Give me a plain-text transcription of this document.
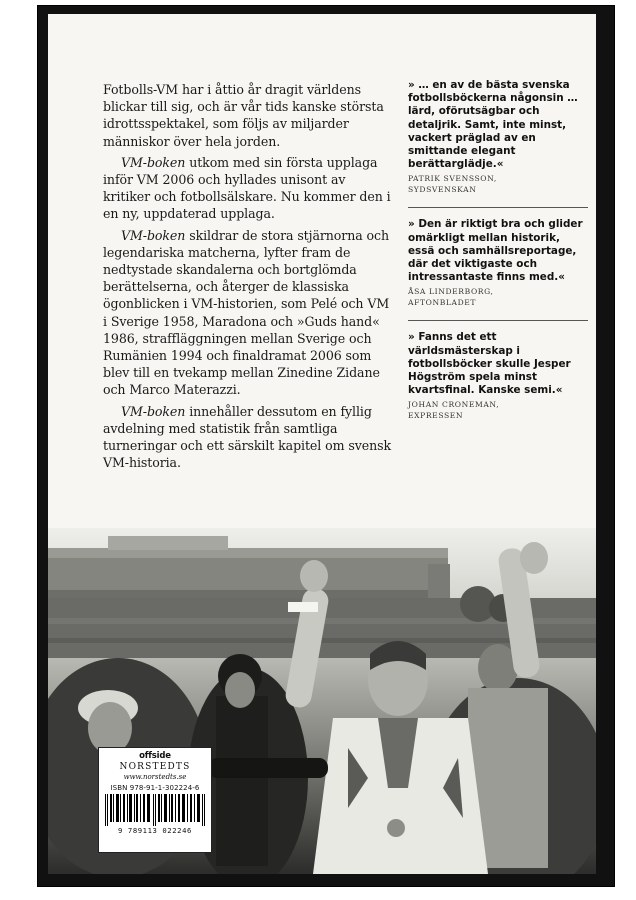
Fotbolls-VM har i åttio år dragit världens blickar till sig, och är vår tids kanske största idrottsspektakel, som följs av miljarder människor över hela jorden.

VM-boken utkom med sin första upplaga inför VM 2006 och hyllades unisont av kritiker och fotbollsälskare. Nu kommer den i en ny, uppdaterad upplaga.

VM-boken skildrar de stora stjärnorna och legendariska matcherna, lyfter fram de nedtystade skandalerna och bortglömda berättelserna, och återger de klassiska ögonblicken i VM-historien, som Pelé och VM i Sverige 1958, Maradona och »Guds hand« 1986, straffläggningen mellan Sverige och Rumänien 1994 och finaldramat 2006 som blev till en tvekamp mellan Zinedine Zidane och Marco Materazzi.

VM-boken innehåller dessutom en fyllig avdelning med statistik från samtliga turneringar och ett särskilt kapitel om svensk VM-historia.

» … en av de bästa svenska fotbollsböckerna någonsin … lärd, oförutsägbar och detaljrik. Samt, inte minst, vackert präglad av en smittande elegant berättarglädje.«
PATRIK SVENSSON,
SYDSVENSKAN
» Den är riktigt bra och glider omärkligt mellan historik, essä och samhällsreportage, där det viktigaste och intressantaste finns med.«
ÅSA LINDERBORG,
AFTONBLADET
» Fanns det ett världsmästerskap i fotbollsböcker skulle Jesper Högström spela minst kvartsfinal. Kanske semi.«
JOHAN CRONEMAN,
EXPRESSEN
offside
NORSTEDTS
www.norstedts.se
ISBN 978-91-1-302224-6
9 789113 022246
